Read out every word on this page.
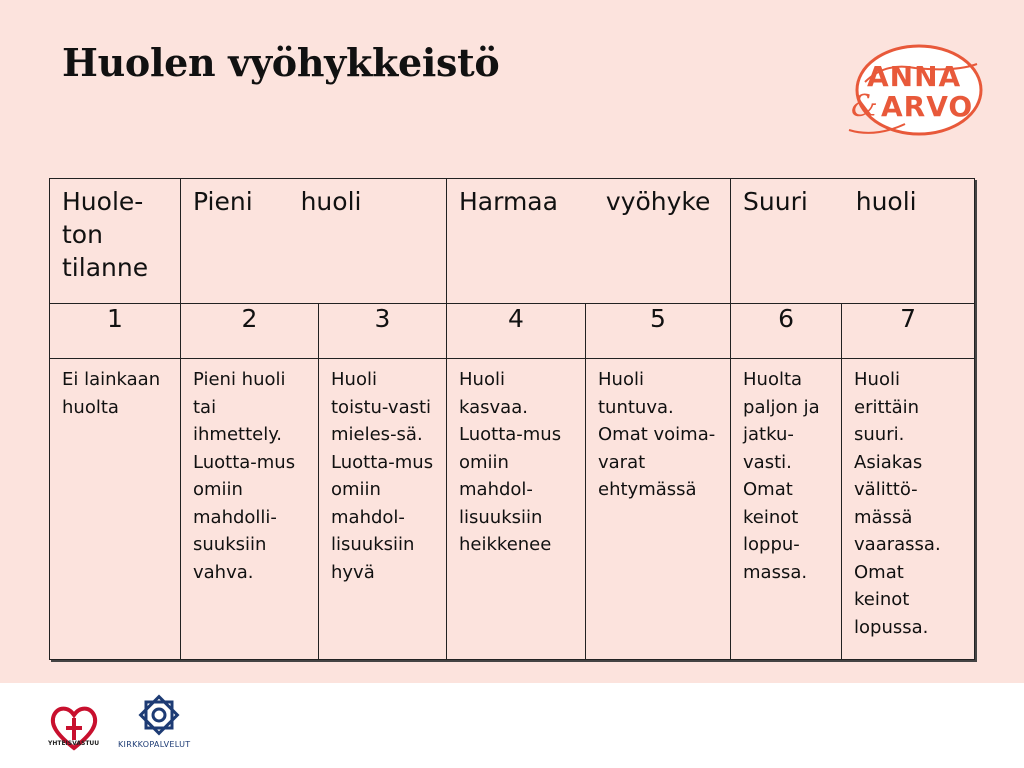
Huolen vyöhykkeistö	ANNA
& ARVO
Huole-ton tilanne	Pieni huoli		Harmaa vyöhyke		Suuri huoli	
1	2	3	4	5	6	7
Ei lainkaan huolta	Pieni huoli tai ihmettely. Luotta-mus omiin mahdolli-suuksiin vahva.	Huoli toistu-vasti mieles-sä. Luotta-mus omiin mahdol-lisuuksiin hyvä	Huoli kasvaa. Luotta-mus omiin mahdol-lisuuksiin heikkenee	Huoli tuntuva. Omat voima-varat ehtymässä	Huolta paljon ja jatku-vasti. Omat keinot loppu-massa.	Huoli erittäin suuri. Asiakas välittö-mässä vaarassa. Omat keinot lopussa.
YHTEISVASTUU	KIRKKOPALVELUT
